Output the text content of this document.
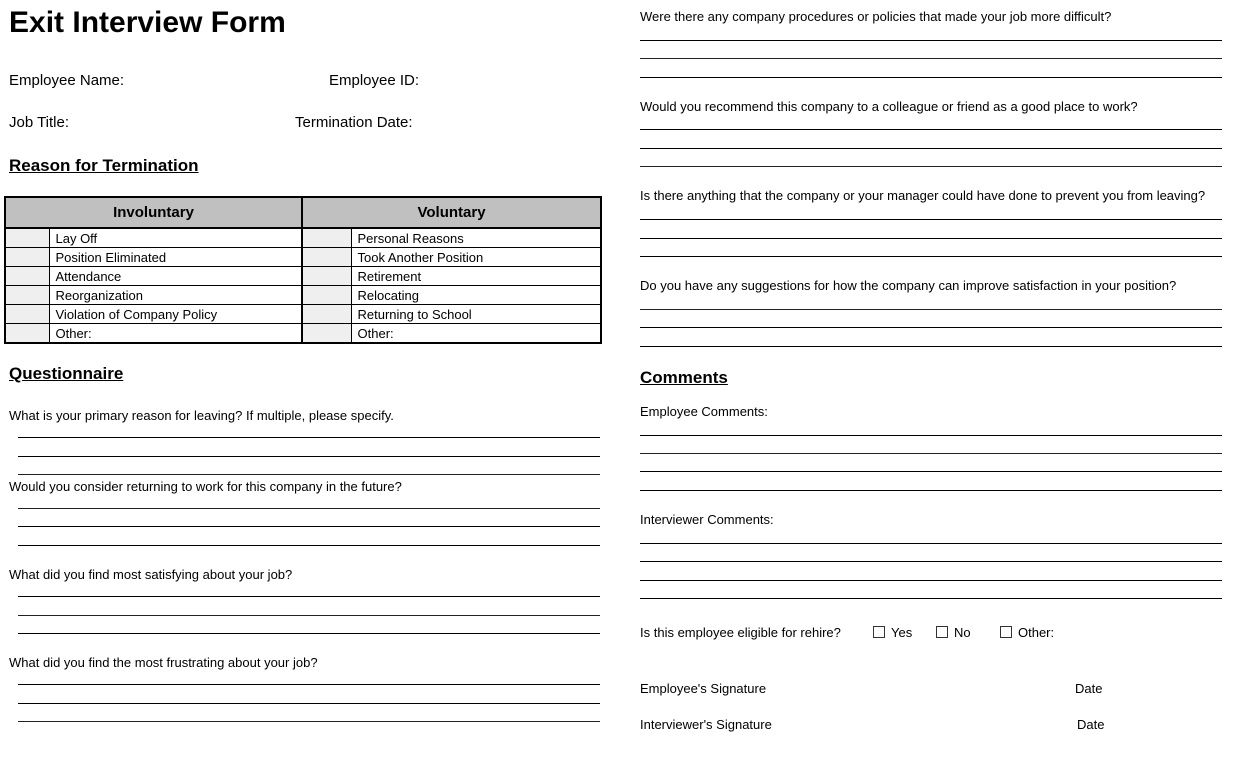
Exit Interview Form
Employee Name:	Employee ID:
Job Title:	Termination Date:
Reason for Termination
Involuntary		Voluntary	
	Lay Off		Personal Reasons
	Position Eliminated		Took Another Position
	Attendance		Retirement
	Reorganization		Relocating
	Violation of Company Policy		Returning to School
	Other:		Other:
Questionnaire
What is your primary reason for leaving? If multiple, please specify.
Would you consider returning to work for this company in the future?
What did you find most satisfying about your job?
What did you find the most frustrating about your job?
Were there any company procedures or policies that made your job more difficult?
Would you recommend this company to a colleague or friend as a good place to work?
Is there anything that the company or your manager could have done to prevent you from leaving?
Do you have any suggestions for how the company can improve satisfaction in your position?
Comments
Employee Comments:
Interviewer Comments:
Is this employee eligible for rehire?	Yes	No	Other:
Employee's Signature	Date
Interviewer's Signature	Date
